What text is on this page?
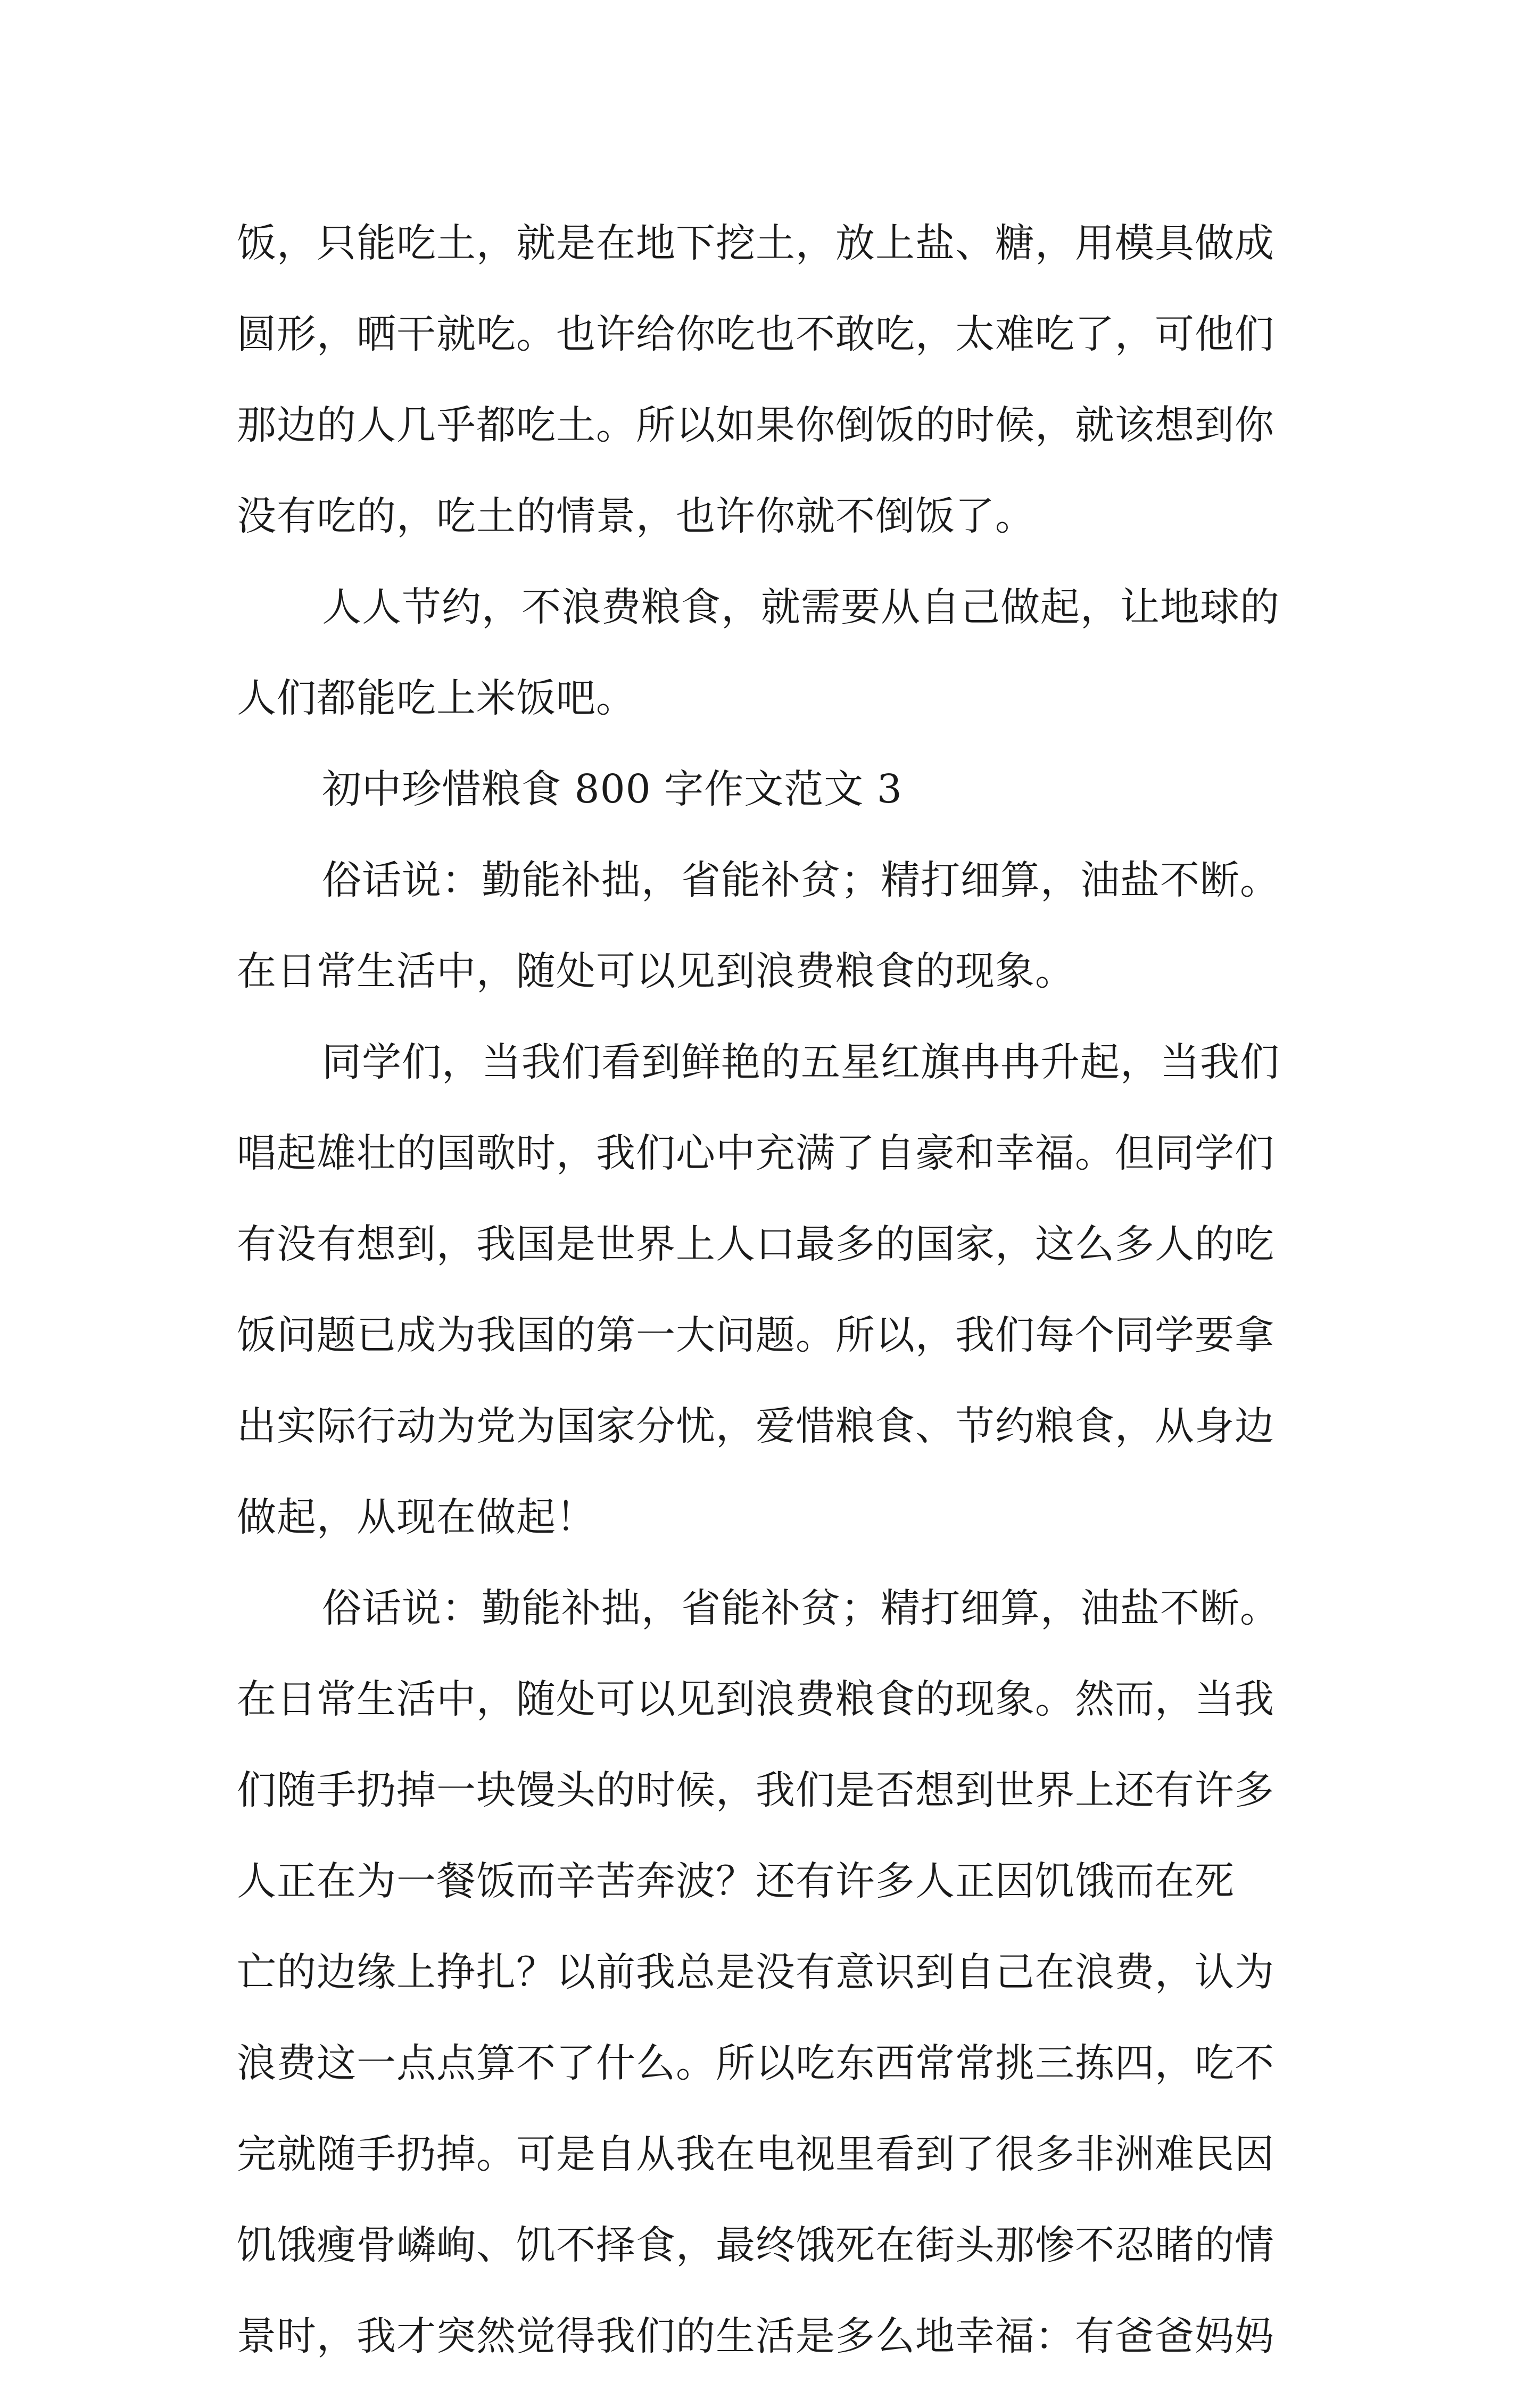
饭，只能吃土，就是在地下挖土，放上盐、糖，用模具做成
圆形，晒干就吃。也许给你吃也不敢吃，太难吃了，可他们
那边的人几乎都吃土。所以如果你倒饭的时候，就该想到你
没有吃的，吃土的情景，也许你就不倒饭了。
人人节约，不浪费粮食，就需要从自己做起，让地球的
人们都能吃上米饭吧。
初中珍惜粮食 800 字作文范文 3
俗话说：勤能补拙，省能补贫；精打细算，油盐不断。
在日常生活中，随处可以见到浪费粮食的现象。
同学们，当我们看到鲜艳的五星红旗冉冉升起，当我们
唱起雄壮的国歌时，我们心中充满了自豪和幸福。但同学们
有没有想到，我国是世界上人口最多的国家，这么多人的吃
饭问题已成为我国的第一大问题。所以，我们每个同学要拿
出实际行动为党为国家分忧，爱惜粮食、节约粮食，从身边
做起，从现在做起！
俗话说：勤能补拙，省能补贫；精打细算，油盐不断。
在日常生活中，随处可以见到浪费粮食的现象。然而，当我
们随手扔掉一块馒头的时候，我们是否想到世界上还有许多
人正在为一餐饭而辛苦奔波？还有许多人正因饥饿而在死
亡的边缘上挣扎？以前我总是没有意识到自己在浪费，认为
浪费这一点点算不了什么。所以吃东西常常挑三拣四，吃不
完就随手扔掉。可是自从我在电视里看到了很多非洲难民因
饥饿瘦骨嶙峋、饥不择食，最终饿死在街头那惨不忍睹的情
景时，我才突然觉得我们的生活是多么地幸福：有爸爸妈妈
